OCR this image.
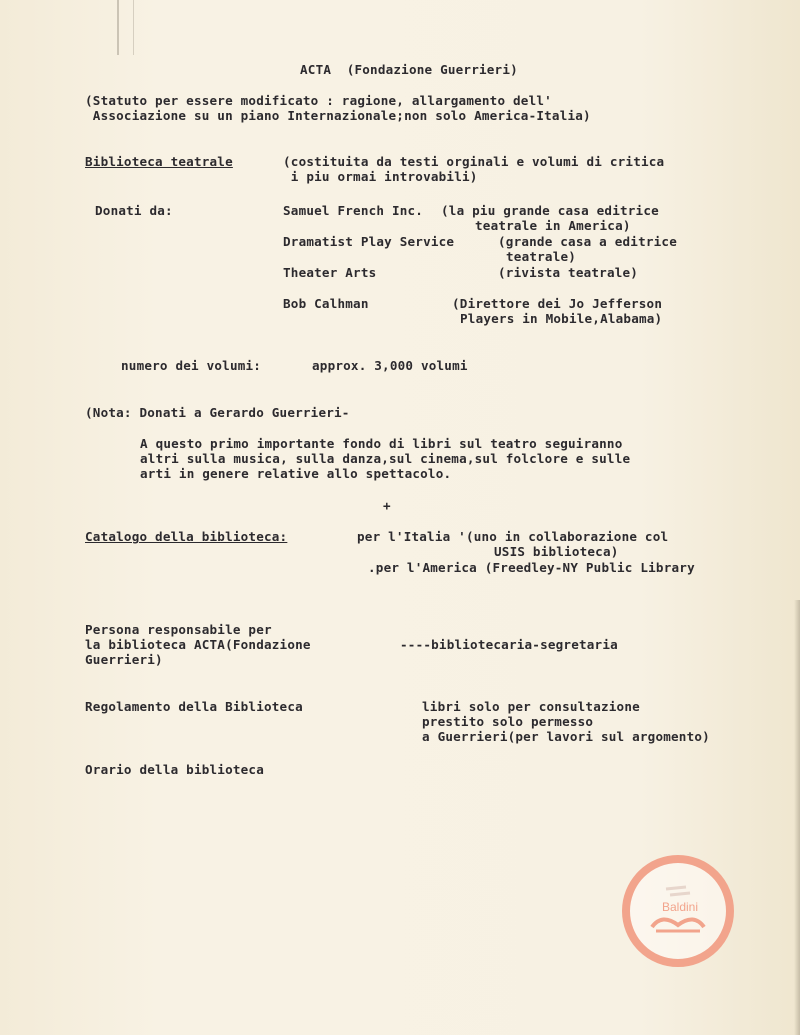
ACTA  (Fondazione Guerrieri)
(Statuto per essere modificato : ragione, allargamento dell'
Associazione su un piano Internazionale;non solo America-Italia)
Biblioteca teatrale	(costituita da testi orginali e volumi di critica
i piu ormai introvabili)
Donati da:	Samuel French Inc. (la piu grande casa editrice
teatrale in America)
Dramatist Play Service	(grande casa a editrice
teatrale)
Theater Arts	(rivista teatrale)
Bob Calhman	(Direttore dei Jo Jefferson
Players in Mobile,Alabama)
numero dei volumi:	approx. 3,000 volumi
(Nota: Donati a Gerardo Guerrieri-
A questo primo importante fondo di libri sul teatro seguiranno
altri sulla musica, sulla danza,sul cinema,sul folclore e sulle
arti in genere relative allo spettacolo.
+
Catalogo della biblioteca:	per l'Italia '(uno in collaborazione col
USIS biblioteca)
.per l'America (Freedley-NY Public Library
Persona responsabile per
la biblioteca ACTA(Fondazione
Guerrieri)
----bibliotecaria-segretaria
Regolamento della Biblioteca	libri solo per consultazione
prestito solo permesso
a Guerrieri(per lavori sul argomento)
Orario della biblioteca
Baldini
